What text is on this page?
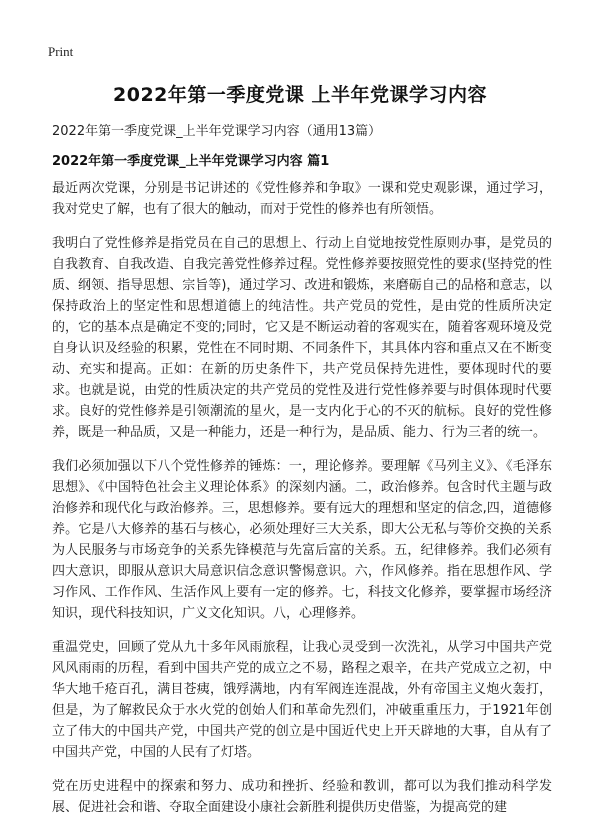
Print
2022年第一季度党课 上半年党课学习内容

2022年第一季度党课_上半年党课学习内容（通用13篇）

2022年第一季度党课_上半年党课学习内容 篇1

最近两次党课，分别是书记讲述的《党性修养和争取》一课和党史观影课，通过学习，我对党史了解，也有了很大的触动，而对于党性的修养也有所领悟。

我明白了党性修养是指党员在自己的思想上、行动上自觉地按党性原则办事，是党员的自我教育、自我改造、自我完善党性修养过程。党性修养要按照党性的要求(坚持党的性质、纲领、指导思想、宗旨等)，通过学习、改进和锻炼，来磨砺自己的品格和意志，以保持政治上的坚定性和思想道德上的纯洁性。共产党员的党性，是由党的性质所决定的，它的基本点是确定不变的;同时，它又是不断运动着的客观实在，随着客观环境及党自身认识及经验的积累，党性在不同时期、不同条件下，其具体内容和重点又在不断变动、充实和提高。正如：在新的历史条件下，共产党员保持先进性，要体现时代的要求。也就是说，由党的性质决定的共产党员的党性及进行党性修养要与时俱体现时代要求。良好的党性修养是引领潮流的星火，是一支内化于心的不灭的航标。良好的党性修养，既是一种品质，又是一种能力，还是一种行为，是品质、能力、行为三者的统一。

我们必须加强以下八个党性修养的锤炼：一，理论修养。要理解《马列主义》、《毛泽东思想》、《中国特色社会主义理论体系》的深刻内涵。二，政治修养。包含时代主题与政治修养和现代化与政治修养。三，思想修养。要有远大的理想和坚定的信念,四，道德修养。它是八大修养的基石与核心，必须处理好三大关系，即大公无私与等价交换的关系为人民服务与市场竞争的关系先锋模范与先富后富的关系。五，纪律修养。我们必须有四大意识，即服从意识大局意识信念意识警惕意识。六，作风修养。指在思想作风、学习作风、工作作风、生活作风上要有一定的修养。七，科技文化修养，要掌握市场经济知识，现代科技知识，广义文化知识。八，心理修养。

重温党史，回顾了党从九十多年风雨旅程，让我心灵受到一次洗礼，从学习中国共产党风风雨雨的历程，看到中国共产党的成立之不易，路程之艰辛，在共产党成立之初，中华大地千疮百孔，满目苍痍，饿殍满地，内有军阀连连混战，外有帝国主义炮火轰打，但是，为了解救民众于水火党的创始人们和革命先烈们，冲破重重压力，于1921年创立了伟大的中国共产党，中国共产党的创立是中国近代史上开天辟地的大事，自从有了中国共产党，中国的人民有了灯塔。

党在历史进程中的探索和努力、成功和挫折、经验和教训，都可以为我们推动科学发展、促进社会和谐、夺取全面建设小康社会新胜利提供历史借鉴，为提高党的建
